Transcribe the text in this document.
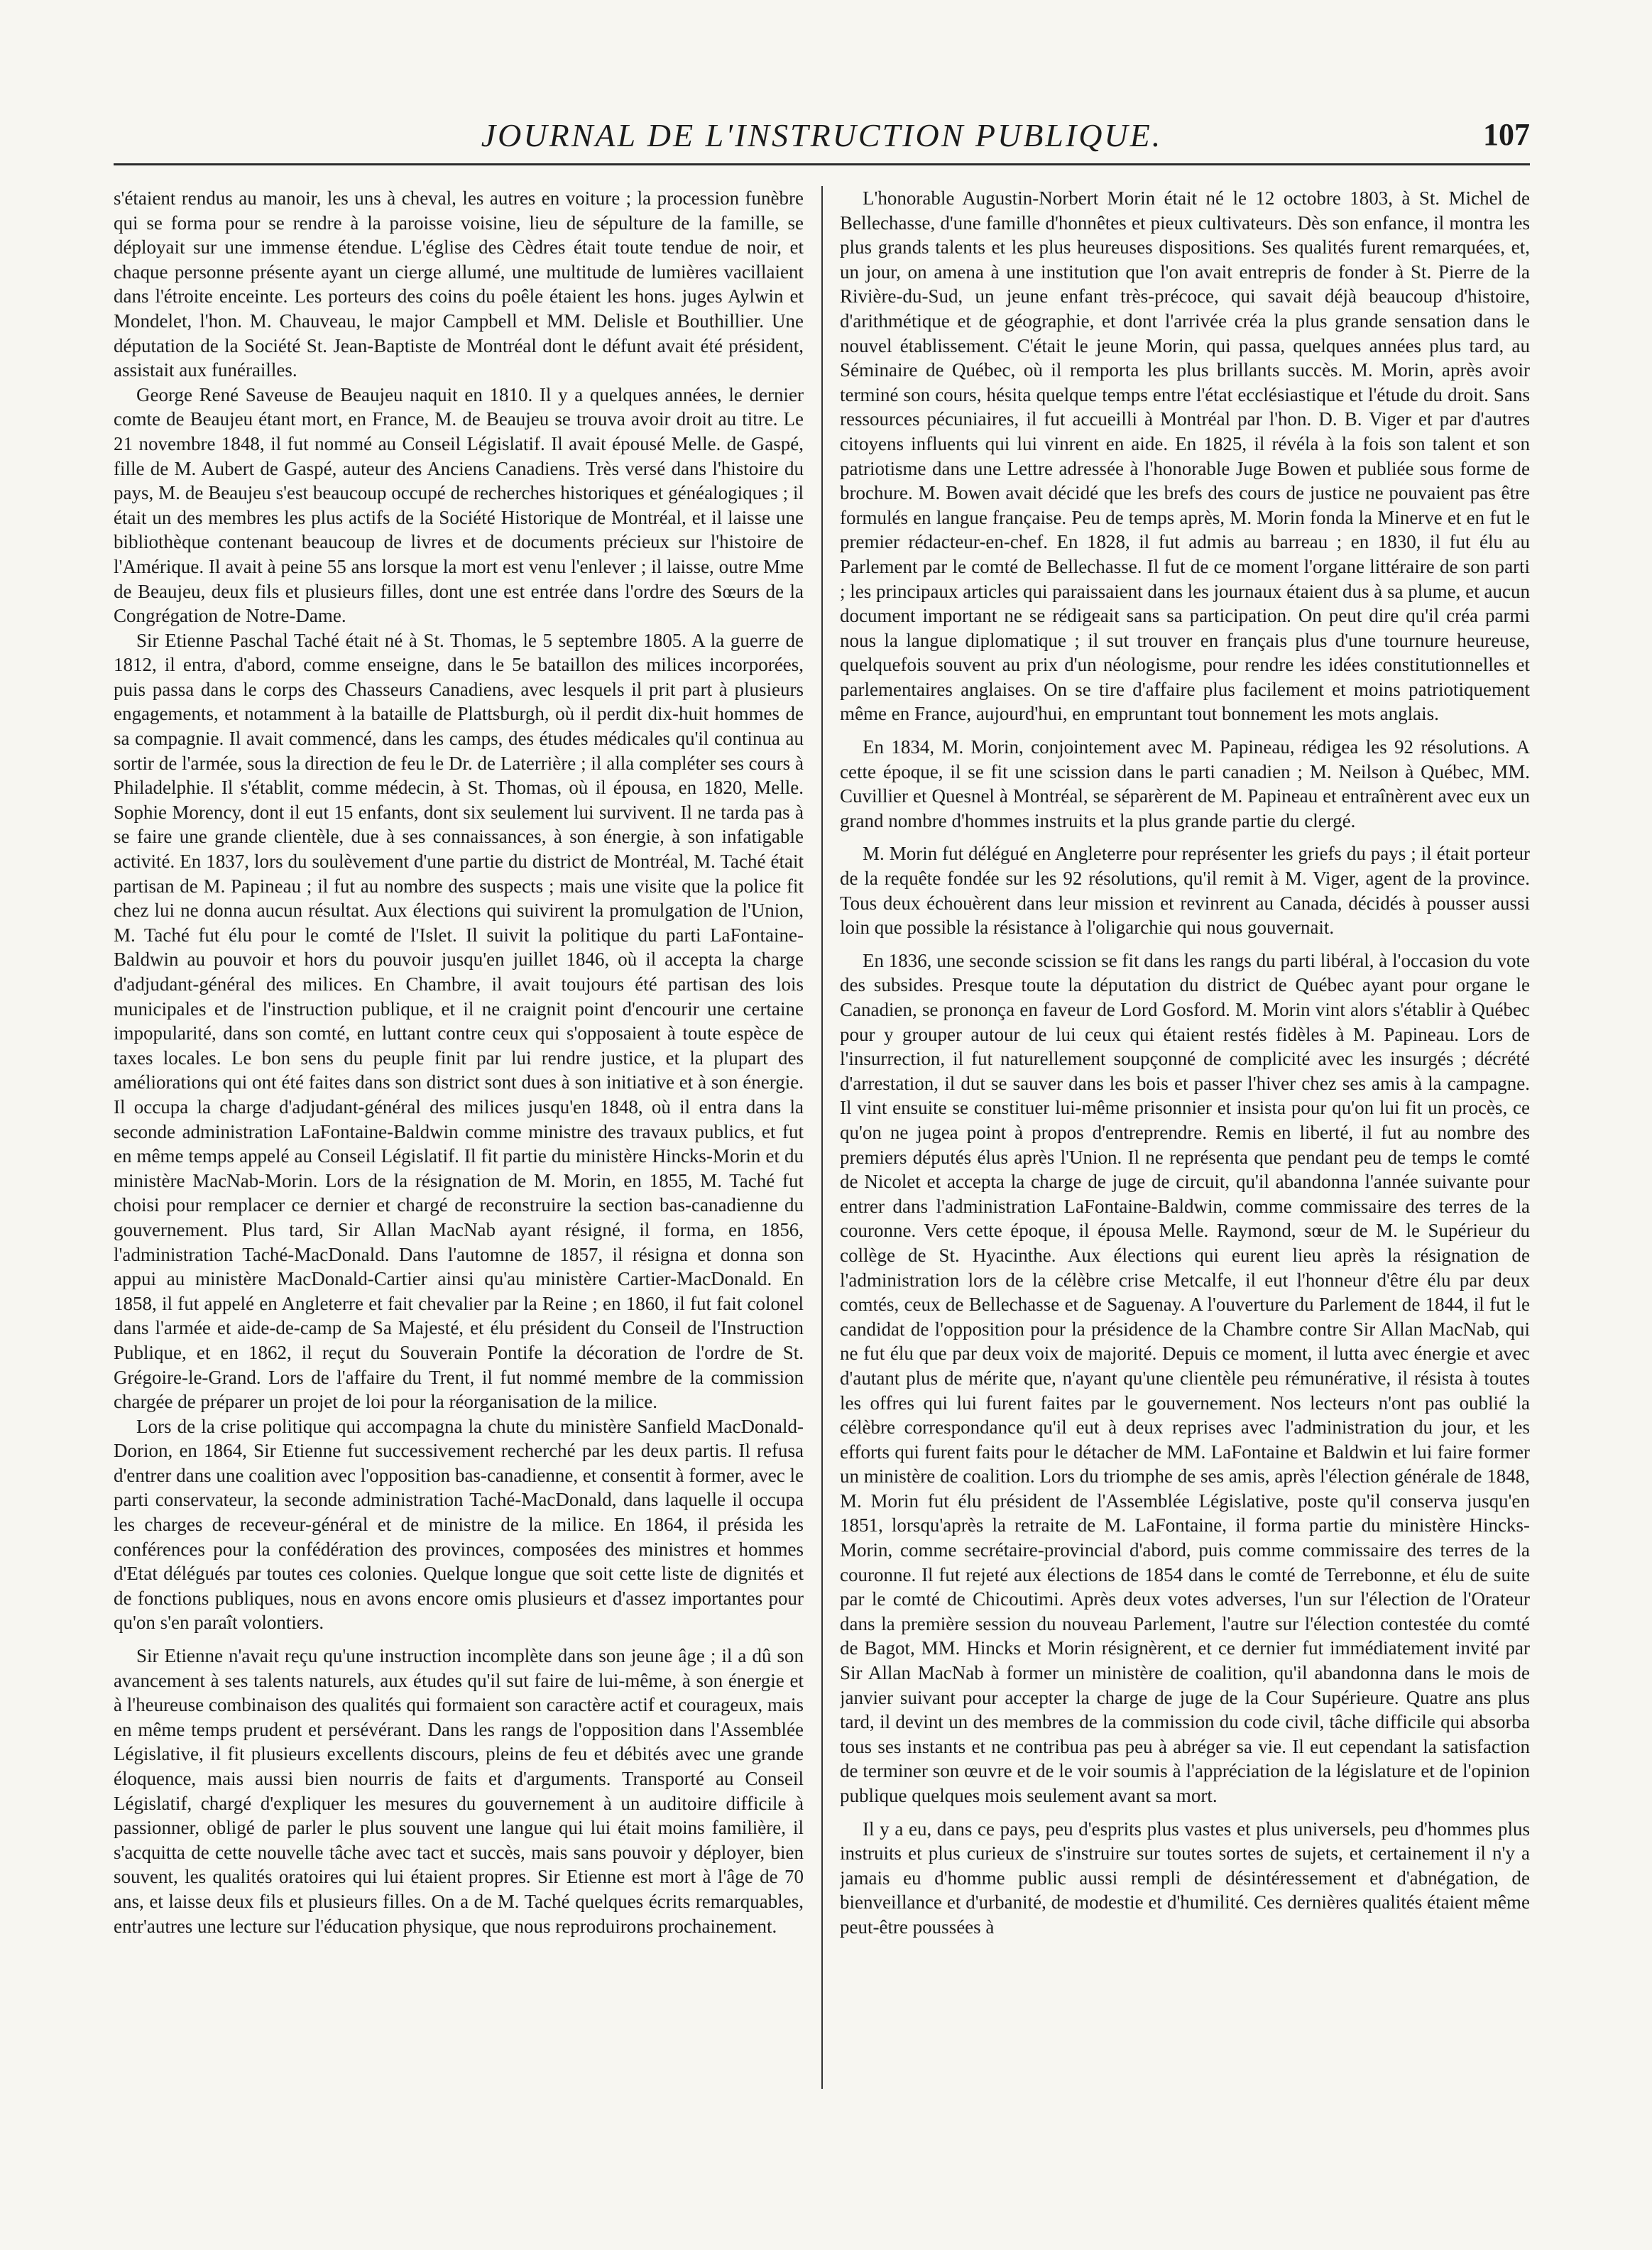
JOURNAL DE L'INSTRUCTION PUBLIQUE.	107

s'étaient rendus au manoir, les uns à cheval, les autres en voiture ; la procession funèbre qui se forma pour se rendre à la paroisse voisine, lieu de sépulture de la famille, se déployait sur une immense étendue. L'église des Cèdres était toute tendue de noir, et chaque personne présente ayant un cierge allumé, une multitude de lumières vacillaient dans l'étroite enceinte. Les porteurs des coins du poêle étaient les hons. juges Aylwin et Mondelet, l'hon. M. Chauveau, le major Campbell et MM. Delisle et Bouthillier. Une députation de la Société St. Jean-Baptiste de Montréal dont le défunt avait été président, assistait aux funérailles.

George René Saveuse de Beaujeu naquit en 1810. Il y a quelques années, le dernier comte de Beaujeu étant mort, en France, M. de Beaujeu se trouva avoir droit au titre. Le 21 novembre 1848, il fut nommé au Conseil Législatif. Il avait épousé Melle. de Gaspé, fille de M. Aubert de Gaspé, auteur des Anciens Canadiens. Très versé dans l'histoire du pays, M. de Beaujeu s'est beaucoup occupé de recherches historiques et généalogiques ; il était un des membres les plus actifs de la Société Historique de Montréal, et il laisse une bibliothèque contenant beaucoup de livres et de documents précieux sur l'histoire de l'Amérique. Il avait à peine 55 ans lorsque la mort est venu l'enlever ; il laisse, outre Mme de Beaujeu, deux fils et plusieurs filles, dont une est entrée dans l'ordre des Sœurs de la Congrégation de Notre-Dame.

Sir Etienne Paschal Taché était né à St. Thomas, le 5 septembre 1805. A la guerre de 1812, il entra, d'abord, comme enseigne, dans le 5e bataillon des milices incorporées, puis passa dans le corps des Chasseurs Canadiens, avec lesquels il prit part à plusieurs engagements, et notamment à la bataille de Plattsburgh, où il perdit dix-huit hommes de sa compagnie. Il avait commencé, dans les camps, des études médicales qu'il continua au sortir de l'armée, sous la direction de feu le Dr. de Laterrière ; il alla compléter ses cours à Philadelphie. Il s'établit, comme médecin, à St. Thomas, où il épousa, en 1820, Melle. Sophie Morency, dont il eut 15 enfants, dont six seulement lui survivent. Il ne tarda pas à se faire une grande clientèle, due à ses connaissances, à son énergie, à son infatigable activité. En 1837, lors du soulèvement d'une partie du district de Montréal, M. Taché était partisan de M. Papineau ; il fut au nombre des suspects ; mais une visite que la police fit chez lui ne donna aucun résultat. Aux élections qui suivirent la promulgation de l'Union, M. Taché fut élu pour le comté de l'Islet. Il suivit la politique du parti LaFontaine-Baldwin au pouvoir et hors du pouvoir jusqu'en juillet 1846, où il accepta la charge d'adjudant-général des milices. En Chambre, il avait toujours été partisan des lois municipales et de l'instruction publique, et il ne craignit point d'encourir une certaine impopularité, dans son comté, en luttant contre ceux qui s'opposaient à toute espèce de taxes locales. Le bon sens du peuple finit par lui rendre justice, et la plupart des améliorations qui ont été faites dans son district sont dues à son initiative et à son énergie. Il occupa la charge d'adjudant-général des milices jusqu'en 1848, où il entra dans la seconde administration LaFontaine-Baldwin comme ministre des travaux publics, et fut en même temps appelé au Conseil Législatif. Il fit partie du ministère Hincks-Morin et du ministère MacNab-Morin. Lors de la résignation de M. Morin, en 1855, M. Taché fut choisi pour remplacer ce dernier et chargé de reconstruire la section bas-canadienne du gouvernement. Plus tard, Sir Allan MacNab ayant résigné, il forma, en 1856, l'administration Taché-MacDonald. Dans l'automne de 1857, il résigna et donna son appui au ministère MacDonald-Cartier ainsi qu'au ministère Cartier-MacDonald. En 1858, il fut appelé en Angleterre et fait chevalier par la Reine ; en 1860, il fut fait colonel dans l'armée et aide-de-camp de Sa Majesté, et élu président du Conseil de l'Instruction Publique, et en 1862, il reçut du Souverain Pontife la décoration de l'ordre de St. Grégoire-le-Grand. Lors de l'affaire du Trent, il fut nommé membre de la commission chargée de préparer un projet de loi pour la réorganisation de la milice.

Lors de la crise politique qui accompagna la chute du ministère Sanfield MacDonald-Dorion, en 1864, Sir Etienne fut successivement recherché par les deux partis. Il refusa d'entrer dans une coalition avec l'opposition bas-canadienne, et consentit à former, avec le parti conservateur, la seconde administration Taché-MacDonald, dans laquelle il occupa les charges de receveur-général et de ministre de la milice. En 1864, il présida les conférences pour la confédération des provinces, composées des ministres et hommes d'Etat délégués par toutes ces colonies. Quelque longue que soit cette liste de dignités et de fonctions publiques, nous en avons encore omis plusieurs et d'assez importantes pour qu'on s'en paraît volontiers.

Sir Etienne n'avait reçu qu'une instruction incomplète dans son jeune âge ; il a dû son avancement à ses talents naturels, aux études qu'il sut faire de lui-même, à son énergie et à l'heureuse combinaison des qualités qui formaient son caractère actif et courageux, mais en même temps prudent et persévérant. Dans les rangs de l'opposition dans l'Assemblée Législative, il fit plusieurs excellents discours, pleins de feu et débités avec une grande éloquence, mais aussi bien nourris de faits et d'arguments. Transporté au Conseil Législatif, chargé d'expliquer les mesures du gouvernement à un auditoire difficile à passionner, obligé de parler le plus souvent une langue qui lui était moins familière, il s'acquitta de cette nouvelle tâche avec tact et succès, mais sans pouvoir y déployer, bien souvent, les qualités oratoires qui lui étaient propres. Sir Etienne est mort à l'âge de 70 ans, et laisse deux fils et plusieurs filles. On a de M. Taché quelques écrits remarquables, entr'autres une lecture sur l'éducation physique, que nous reproduirons prochainement.

L'honorable Augustin-Norbert Morin était né le 12 octobre 1803, à St. Michel de Bellechasse, d'une famille d'honnêtes et pieux cultivateurs. Dès son enfance, il montra les plus grands talents et les plus heureuses dispositions. Ses qualités furent remarquées, et, un jour, on amena à une institution que l'on avait entrepris de fonder à St. Pierre de la Rivière-du-Sud, un jeune enfant très-précoce, qui savait déjà beaucoup d'histoire, d'arithmétique et de géographie, et dont l'arrivée créa la plus grande sensation dans le nouvel établissement. C'était le jeune Morin, qui passa, quelques années plus tard, au Séminaire de Québec, où il remporta les plus brillants succès. M. Morin, après avoir terminé son cours, hésita quelque temps entre l'état ecclésiastique et l'étude du droit. Sans ressources pécuniaires, il fut accueilli à Montréal par l'hon. D. B. Viger et par d'autres citoyens influents qui lui vinrent en aide. En 1825, il révéla à la fois son talent et son patriotisme dans une Lettre adressée à l'honorable Juge Bowen et publiée sous forme de brochure. M. Bowen avait décidé que les brefs des cours de justice ne pouvaient pas être formulés en langue française. Peu de temps après, M. Morin fonda la Minerve et en fut le premier rédacteur-en-chef. En 1828, il fut admis au barreau ; en 1830, il fut élu au Parlement par le comté de Bellechasse. Il fut de ce moment l'organe littéraire de son parti ; les principaux articles qui paraissaient dans les journaux étaient dus à sa plume, et aucun document important ne se rédigeait sans sa participation. On peut dire qu'il créa parmi nous la langue diplomatique ; il sut trouver en français plus d'une tournure heureuse, quelquefois souvent au prix d'un néologisme, pour rendre les idées constitutionnelles et parlementaires anglaises. On se tire d'affaire plus facilement et moins patriotiquement même en France, aujourd'hui, en empruntant tout bonnement les mots anglais.

En 1834, M. Morin, conjointement avec M. Papineau, rédigea les 92 résolutions. A cette époque, il se fit une scission dans le parti canadien ; M. Neilson à Québec, MM. Cuvillier et Quesnel à Montréal, se séparèrent de M. Papineau et entraînèrent avec eux un grand nombre d'hommes instruits et la plus grande partie du clergé.

M. Morin fut délégué en Angleterre pour représenter les griefs du pays ; il était porteur de la requête fondée sur les 92 résolutions, qu'il remit à M. Viger, agent de la province. Tous deux échouèrent dans leur mission et revinrent au Canada, décidés à pousser aussi loin que possible la résistance à l'oligarchie qui nous gouvernait.

En 1836, une seconde scission se fit dans les rangs du parti libéral, à l'occasion du vote des subsides. Presque toute la députation du district de Québec ayant pour organe le Canadien, se prononça en faveur de Lord Gosford. M. Morin vint alors s'établir à Québec pour y grouper autour de lui ceux qui étaient restés fidèles à M. Papineau. Lors de l'insurrection, il fut naturellement soupçonné de complicité avec les insurgés ; décrété d'arrestation, il dut se sauver dans les bois et passer l'hiver chez ses amis à la campagne. Il vint ensuite se constituer lui-même prisonnier et insista pour qu'on lui fit un procès, ce qu'on ne jugea point à propos d'entreprendre. Remis en liberté, il fut au nombre des premiers députés élus après l'Union. Il ne représenta que pendant peu de temps le comté de Nicolet et accepta la charge de juge de circuit, qu'il abandonna l'année suivante pour entrer dans l'administration LaFontaine-Baldwin, comme commissaire des terres de la couronne. Vers cette époque, il épousa Melle. Raymond, sœur de M. le Supérieur du collège de St. Hyacinthe. Aux élections qui eurent lieu après la résignation de l'administration lors de la célèbre crise Metcalfe, il eut l'honneur d'être élu par deux comtés, ceux de Bellechasse et de Saguenay. A l'ouverture du Parlement de 1844, il fut le candidat de l'opposition pour la présidence de la Chambre contre Sir Allan MacNab, qui ne fut élu que par deux voix de majorité. Depuis ce moment, il lutta avec énergie et avec d'autant plus de mérite que, n'ayant qu'une clientèle peu rémunérative, il résista à toutes les offres qui lui furent faites par le gouvernement. Nos lecteurs n'ont pas oublié la célèbre correspondance qu'il eut à deux reprises avec l'administration du jour, et les efforts qui furent faits pour le détacher de MM. LaFontaine et Baldwin et lui faire former un ministère de coalition. Lors du triomphe de ses amis, après l'élection générale de 1848, M. Morin fut élu président de l'Assemblée Législative, poste qu'il conserva jusqu'en 1851, lorsqu'après la retraite de M. LaFontaine, il forma partie du ministère Hincks-Morin, comme secrétaire-provincial d'abord, puis comme commissaire des terres de la couronne. Il fut rejeté aux élections de 1854 dans le comté de Terrebonne, et élu de suite par le comté de Chicoutimi. Après deux votes adverses, l'un sur l'élection de l'Orateur dans la première session du nouveau Parlement, l'autre sur l'élection contestée du comté de Bagot, MM. Hincks et Morin résignèrent, et ce dernier fut immédiatement invité par Sir Allan MacNab à former un ministère de coalition, qu'il abandonna dans le mois de janvier suivant pour accepter la charge de juge de la Cour Supérieure. Quatre ans plus tard, il devint un des membres de la commission du code civil, tâche difficile qui absorba tous ses instants et ne contribua pas peu à abréger sa vie. Il eut cependant la satisfaction de terminer son œuvre et de le voir soumis à l'appréciation de la législature et de l'opinion publique quelques mois seulement avant sa mort.

Il y a eu, dans ce pays, peu d'esprits plus vastes et plus universels, peu d'hommes plus instruits et plus curieux de s'instruire sur toutes sortes de sujets, et certainement il n'y a jamais eu d'homme public aussi rempli de désintéressement et d'abnégation, de bienveillance et d'urbanité, de modestie et d'humilité. Ces dernières qualités étaient même peut-être poussées à
